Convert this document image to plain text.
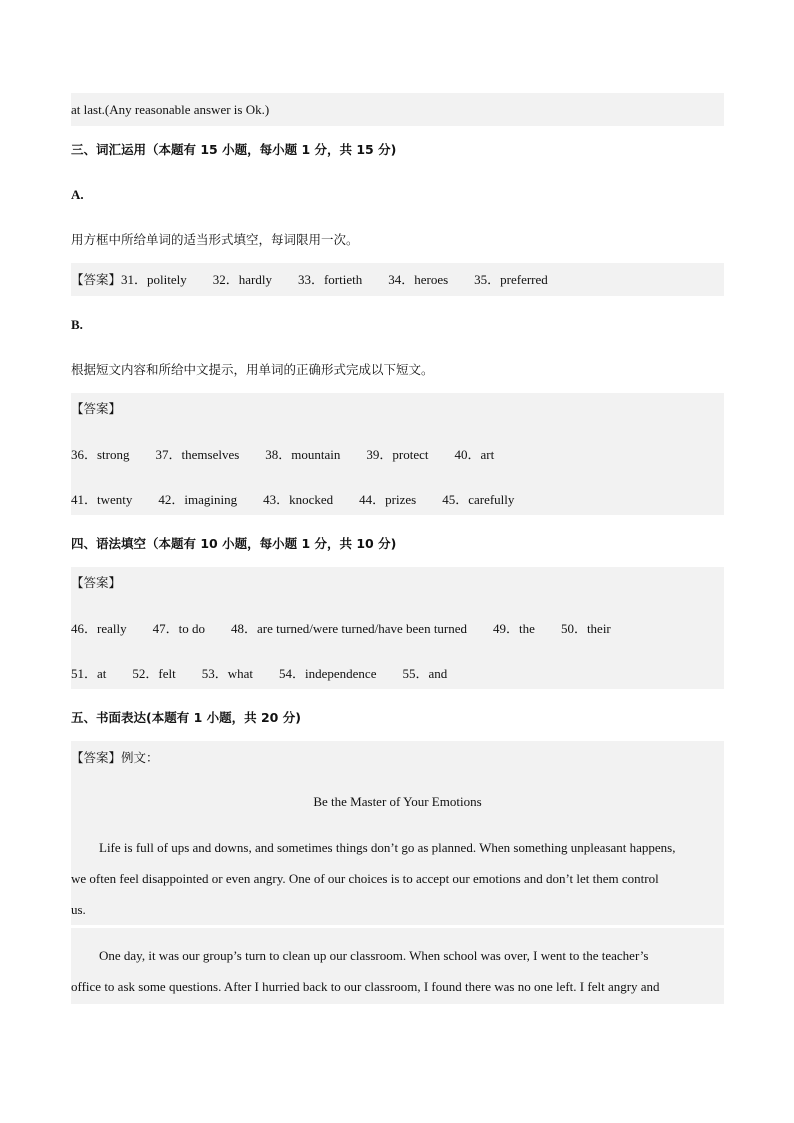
at last.(Any reasonable answer is Ok.)
三、词汇运用（本题有 15 小题，每小题 1 分，共 15 分)
A.
用方框中所给单词的适当形式填空，每词限用一次。
【答案】31．politely 32．hardly 33．fortieth 34．heroes 35．preferred
B.
根据短文内容和所给中文提示，用单词的正确形式完成以下短文。
【答案】
36．strong 37．themselves 38．mountain 39．protect 40．art
41．twenty 42．imagining 43．knocked 44．prizes 45．carefully
四、语法填空（本题有 10 小题，每小题 1 分，共 10 分)
【答案】
46．really 47．to do 48．are turned/were turned/have been turned 49．the 50．their
51．at 52．felt 53．what 54．independence 55．and
五、书面表达(本题有 1 小题，共 20 分)
【答案】例文：
Be the Master of Your Emotions
Life is full of ups and downs, and sometimes things don’t go as planned. When something unpleasant happens,
we often feel disappointed or even angry. One of our choices is to accept our emotions and don’t let them control
us.
One day, it was our group’s turn to clean up our classroom. When school was over, I went to the teacher’s
office to ask some questions. After I hurried back to our classroom, I found there was no one left. I felt angry and
